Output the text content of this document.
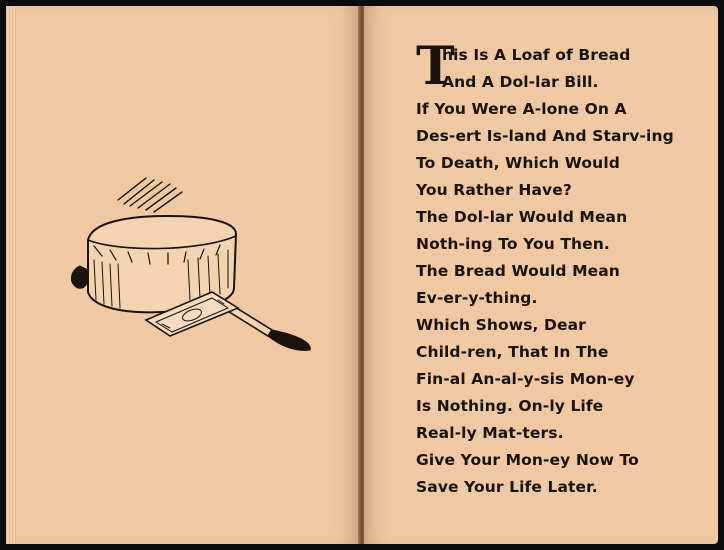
T
his Is A Loaf of Bread
And A Dol-lar Bill.
If You Were A-lone On A
Des-ert Is-land And Starv-ing
To Death, Which Would
You Rather Have?
The Dol-lar Would Mean
Noth-ing To You Then.
The Bread Would Mean
Ev-er-y-thing.
Which Shows, Dear
Child-ren, That In The
Fin-al An-al-y-sis Mon-ey
Is Nothing. On-ly Life
Real-ly Mat-ters.
Give Your Mon-ey Now To
Save Your Life Later.
